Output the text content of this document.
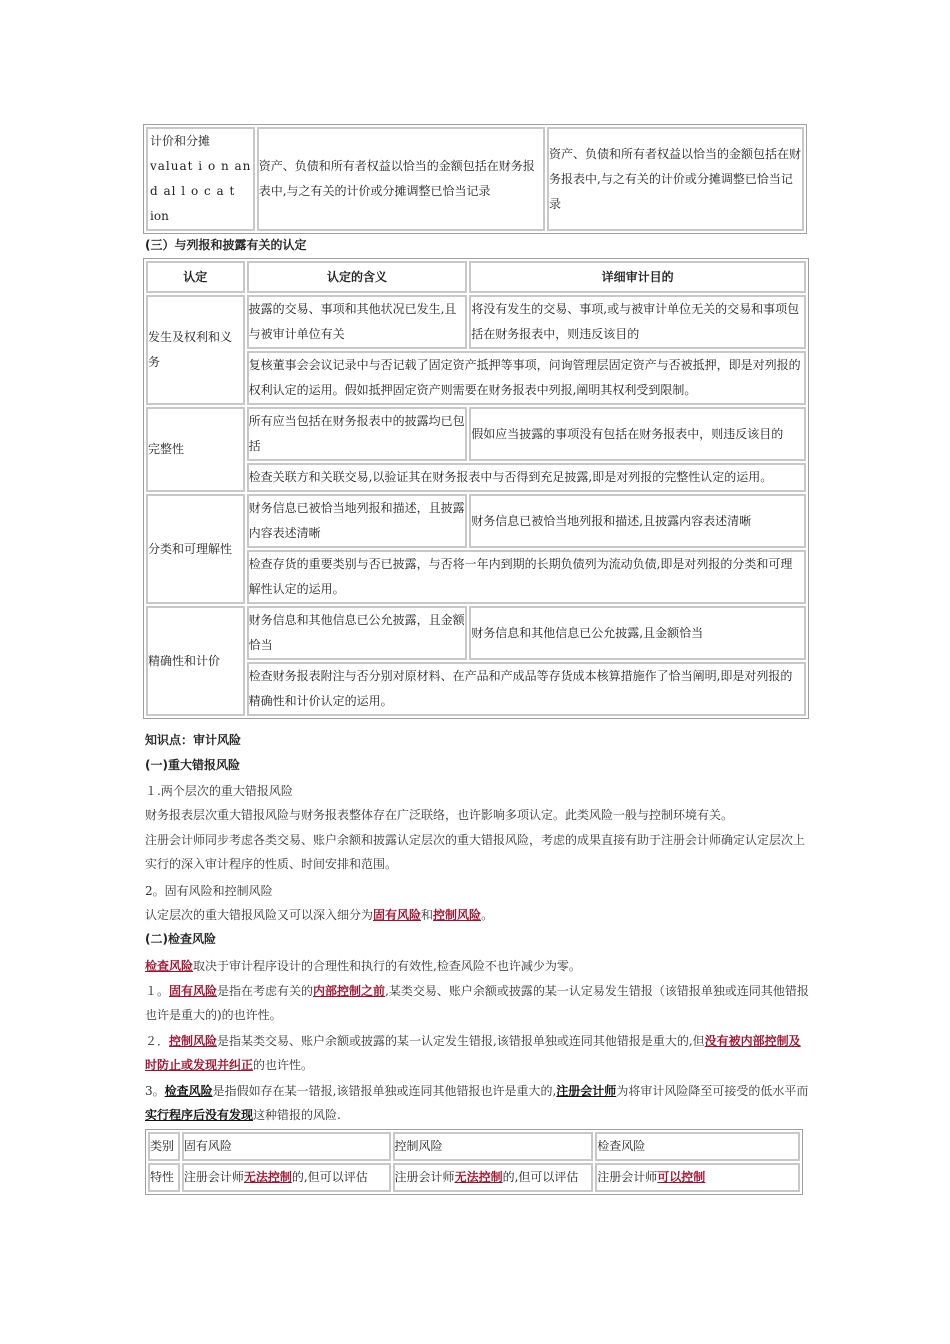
计价和分摊
valuat i o n an
d al l o c a t
ion
	资产、负债和所有者权益以恰当的金额包括在财务报表中,与之有关的计价或分摊调整已恰当记录	资产、负债和所有者权益以恰当的金额包括在财务报表中,与之有关的计价或分摊调整已恰当记录
(三）与列报和披露有关的认定
认定	认定的含义	详细审计目的
发生及权利和义务	披露的交易、事项和其他状况已发生,且与被审计单位有关	将没有发生的交易、事项,或与被审计单位无关的交易和事项包括在财务报表中，则违反该目的
	复核董事会会议记录中与否记载了固定资产抵押等事项，问询管理层固定资产与否被抵押，即是对列报的权利认定的运用。假如抵押固定资产则需要在财务报表中列报,阐明其权利受到限制。	
完整性	所有应当包括在财务报表中的披露均已包括	假如应当披露的事项没有包括在财务报表中，则违反该目的
	检查关联方和关联交易,以验证其在财务报表中与否得到充足披露,即是对列报的完整性认定的运用。	
分类和可理解性	财务信息已被恰当地列报和描述，且披露内容表述清晰	财务信息已被恰当地列报和描述,且披露内容表述清晰
	检查存货的重要类别与否已披露，与否将一年内到期的长期负债列为流动负债,即是对列报的分类和可理解性认定的运用。	
精确性和计价	财务信息和其他信息已公允披露，且金额恰当	财务信息和其他信息已公允披露,且金额恰当
	检查财务报表附注与否分别对原材料、在产品和产成品等存货成本核算措施作了恰当阐明,即是对列报的精确性和计价认定的运用。	
知识点：审计风险
(一)重大错报风险
１.两个层次的重大错报风险
财务报表层次重大错报风险与财务报表整体存在广泛联络，也许影响多项认定。此类风险一般与控制环境有关。
注册会计师同步考虑各类交易、账户余额和披露认定层次的重大错报风险，考虑的成果直接有助于注册会计师确定认定层次上实行的深入审计程序的性质、时间安排和范围。
2。固有风险和控制风险
认定层次的重大错报风险又可以深入细分为固有风险和控制风险。
(二)检查风险
检查风险取决于审计程序设计的合理性和执行的有效性,检查风险不也许减少为零。
１。固有风险是指在考虑有关的内部控制之前,某类交易、账户余额或披露的某一认定易发生错报（该错报单独或连同其他错报也许是重大的)的也许性。
２．控制风险是指某类交易、账户余额或披露的某一认定发生错报,该错报单独或连同其他错报是重大的,但没有被内部控制及时防止或发现并纠正的也许性。
3。检查风险是指假如存在某一错报,该错报单独或连同其他错报也许是重大的,注册会计师为将审计风险降至可接受的低水平而实行程序后没有发现这种错报的风险.
类别	固有风险	控制风险	检查风险
特性	注册会计师无法控制的,但可以评估	注册会计师无法控制的,但可以评估	注册会计师可以控制
